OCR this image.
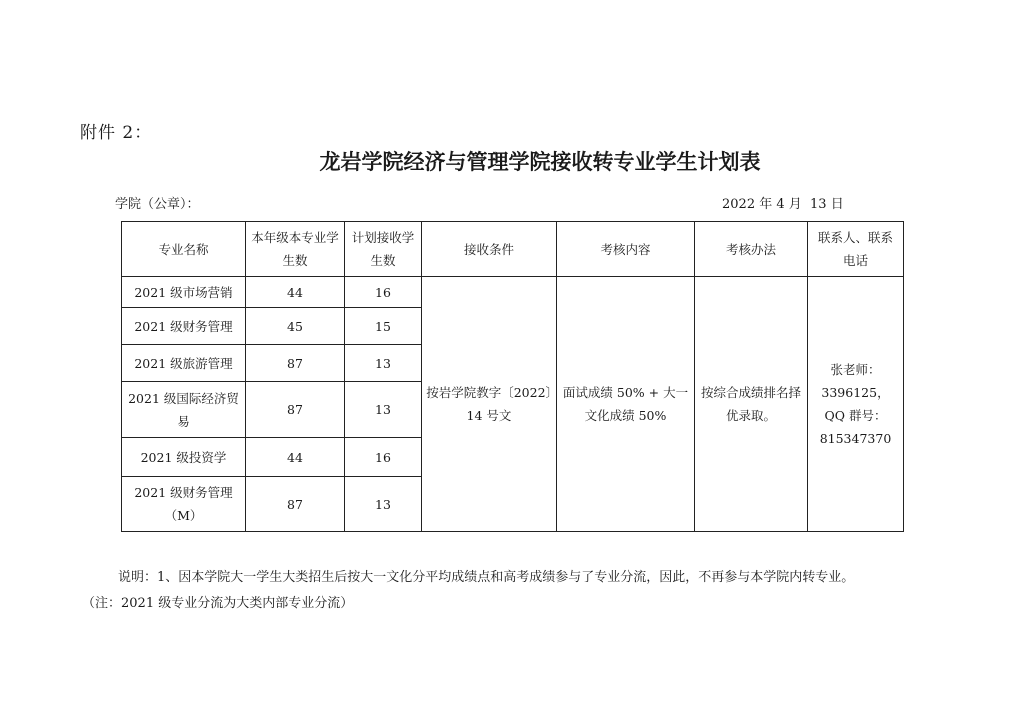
附件 2：
龙岩学院经济与管理学院接收转专业学生计划表
学院（公章）：	2022 年 4 月  13 日
专业名称	本年级本专业学生数	计划接收学生数	接收条件	考核内容	考核办法	联系人、联系电话
2021 级市场营销	44	16	按岩学院教字〔2022〕14 号文	面试成绩 50% + 大一文化成绩 50%	按综合成绩排名择优录取。	张老师：3396125，QQ 群号：815347370
2021 级财务管理	45	15				
2021 级旅游管理	87	13				
2021 级国际经济贸易	87	13				
2021 级投资学	44	16				
2021 级财务管理（M）	87	13				
说明：1、因本学院大一学生大类招生后按大一文化分平均成绩点和高考成绩参与了专业分流，因此，不再参与本学院内转专业。
（注：2021 级专业分流为大类内部专业分流）
